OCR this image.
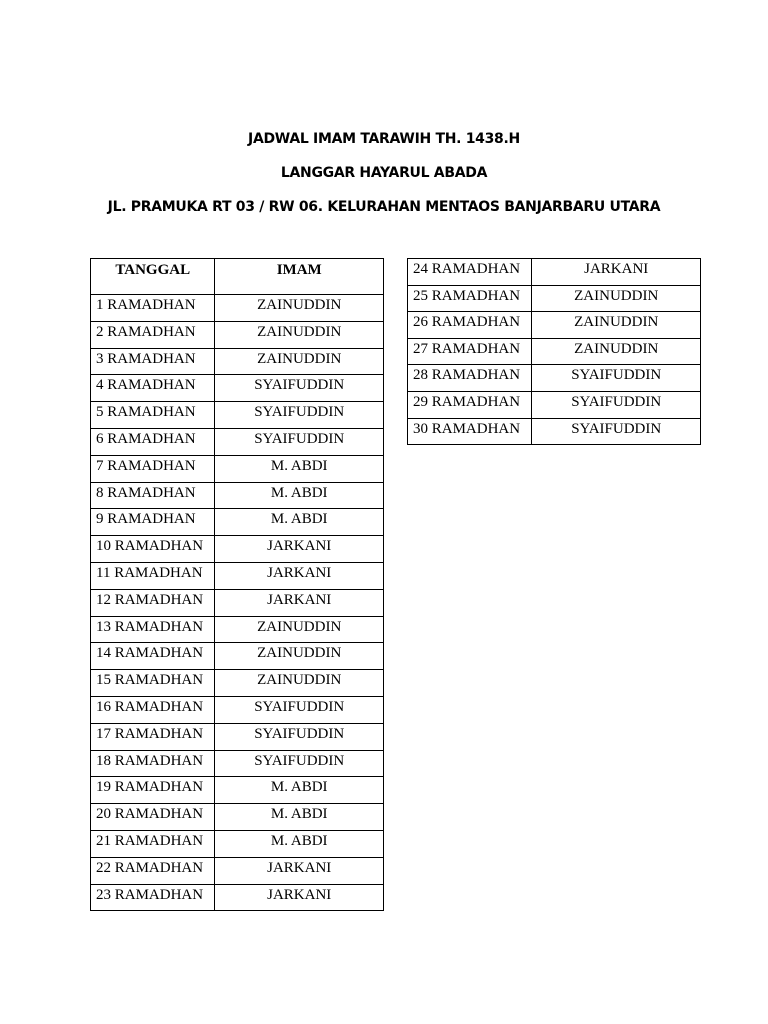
JADWAL IMAM TARAWIH TH. 1438.H
LANGGAR HAYARUL ABADA
JL. PRAMUKA RT 03 / RW 06. KELURAHAN MENTAOS BANJARBARU UTARA
TANGGAL	IMAM
1 RAMADHAN	ZAINUDDIN
2 RAMADHAN	ZAINUDDIN
3 RAMADHAN	ZAINUDDIN
4 RAMADHAN	SYAIFUDDIN
5 RAMADHAN	SYAIFUDDIN
6 RAMADHAN	SYAIFUDDIN
7 RAMADHAN	M. ABDI
8 RAMADHAN	M. ABDI
9 RAMADHAN	M. ABDI
10 RAMADHAN	JARKANI
11 RAMADHAN	JARKANI
12 RAMADHAN	JARKANI
13 RAMADHAN	ZAINUDDIN
14 RAMADHAN	ZAINUDDIN
15 RAMADHAN	ZAINUDDIN
16 RAMADHAN	SYAIFUDDIN
17 RAMADHAN	SYAIFUDDIN
18 RAMADHAN	SYAIFUDDIN
19 RAMADHAN	M. ABDI
20 RAMADHAN	M. ABDI
21 RAMADHAN	M. ABDI
22 RAMADHAN	JARKANI
23 RAMADHAN	JARKANI
24 RAMADHAN	JARKANI
25 RAMADHAN	ZAINUDDIN
26 RAMADHAN	ZAINUDDIN
27 RAMADHAN	ZAINUDDIN
28 RAMADHAN	SYAIFUDDIN
29 RAMADHAN	SYAIFUDDIN
30 RAMADHAN	SYAIFUDDIN
